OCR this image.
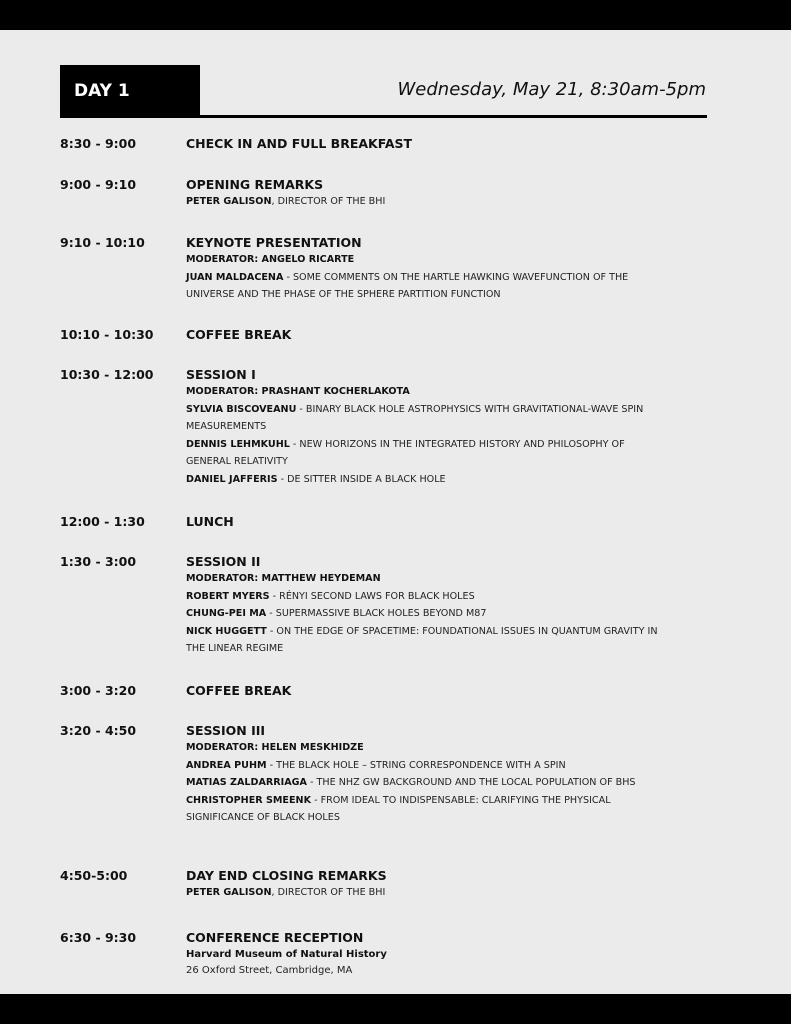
DAY 1	Wednesday, May 21, 8:30am-5pm
8:30 - 9:00	CHECK IN AND FULL BREAKFAST
9:00 - 9:10	OPENING REMARKS
PETER GALISON, DIRECTOR OF THE BHI
9:10 - 10:10	KEYNOTE PRESENTATION
MODERATOR: ANGELO RICARTE
JUAN MALDACENA - SOME COMMENTS ON THE HARTLE HAWKING WAVEFUNCTION OF THE
UNIVERSE AND THE PHASE OF THE SPHERE PARTITION FUNCTION
10:10 - 10:30	COFFEE BREAK
10:30 - 12:00	SESSION I
MODERATOR: PRASHANT KOCHERLAKOTA
SYLVIA BISCOVEANU - BINARY BLACK HOLE ASTROPHYSICS WITH GRAVITATIONAL-WAVE SPIN
MEASUREMENTS
DENNIS LEHMKUHL - NEW HORIZONS IN THE INTEGRATED HISTORY AND PHILOSOPHY OF
GENERAL RELATIVITY
DANIEL JAFFERIS - DE SITTER INSIDE A BLACK HOLE
12:00 - 1:30	LUNCH
1:30 - 3:00	SESSION II
MODERATOR: MATTHEW HEYDEMAN
ROBERT MYERS - RÉNYI SECOND LAWS FOR BLACK HOLES
CHUNG-PEI MA - SUPERMASSIVE BLACK HOLES BEYOND M87
NICK HUGGETT - ON THE EDGE OF SPACETIME: FOUNDATIONAL ISSUES IN QUANTUM GRAVITY IN
THE LINEAR REGIME
3:00 - 3:20	COFFEE BREAK
3:20 - 4:50	SESSION III
MODERATOR: HELEN MESKHIDZE
ANDREA PUHM - THE BLACK HOLE – STRING CORRESPONDENCE WITH A SPIN
MATIAS ZALDARRIAGA - THE NHZ GW BACKGROUND AND THE LOCAL POPULATION OF BHS
CHRISTOPHER SMEENK - FROM IDEAL TO INDISPENSABLE: CLARIFYING THE PHYSICAL
SIGNIFICANCE OF BLACK HOLES
4:50-5:00	DAY END CLOSING REMARKS
PETER GALISON, DIRECTOR OF THE BHI
6:30 - 9:30	CONFERENCE RECEPTION
Harvard Museum of Natural History
26 Oxford Street, Cambridge, MA
